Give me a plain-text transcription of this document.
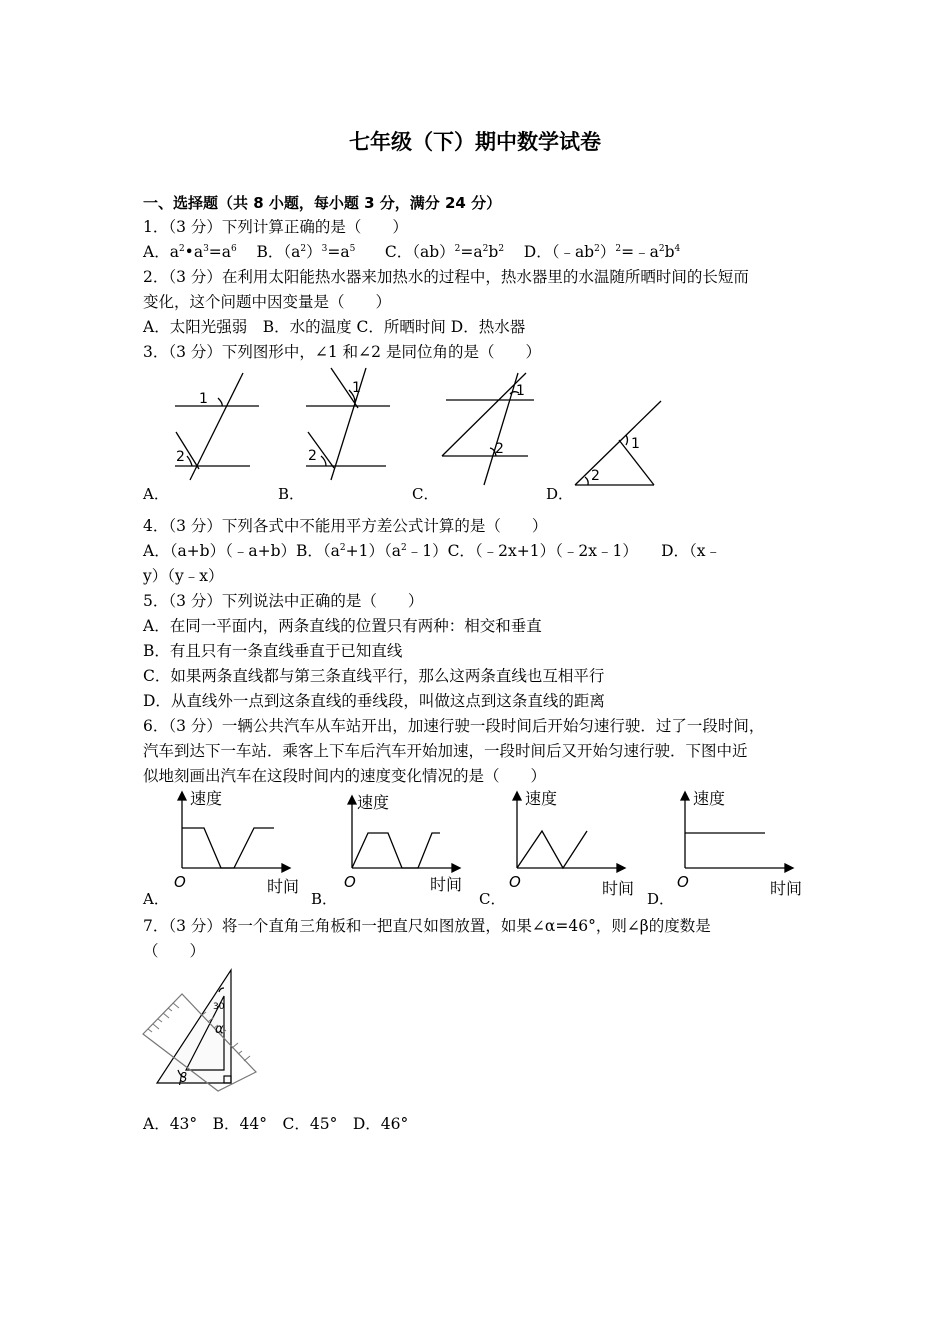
七年级（下）期中数学试卷
一、选择题（共 8 小题，每小题 3 分，满分 24 分）
1．（3 分）下列计算正确的是（　　）
A．$a^2•a^3=a^6$ B．$(a^2)^3=a^5$ C．$(ab)^2=a^2b^2$ D．$(﹣ab^2)^2=﹣a^2b^4$
2．（3 分）在利用太阳能热水器来加热水的过程中，热水器里的水温随所晒时间的长短而
变化，这个问题中因变量是（　　）
A．太阳光强弱　B．水的温度 C．所晒时间 D．热水器
3．（3 分）下列图形中，∠1 和∠2 是同位角的是（　　）
1
2
1
2
1
2	1
2
A．	B．	C．	D．
4．（3 分）下列各式中不能用平方差公式计算的是（　　）
A．（a+b）（﹣a+b）B．$(a^2+1)(a^2﹣1)C$．（﹣2x+1）（﹣2x﹣1）　　D．（x﹣
y）（y﹣x）
5．（3 分）下列说法中正确的是（　　）
A．在同一平面内，两条直线的位置只有两种：相交和垂直
B．有且只有一条直线垂直于已知直线
C．如果两条直线都与第三条直线平行，那么这两条直线也互相平行
D．从直线外一点到这条直线的垂线段，叫做这点到这条直线的距离
6．（3 分）一辆公共汽车从车站开出，加速行驶一段时间后开始匀速行驶．过了一段时间，
汽车到达下一车站．乘客上下车后汽车开始加速，一段时间后又开始匀速行驶．下图中近
似地刻画出汽车在这段时间内的速度变化情况的是（　　）
速度
O	时间
速度
O	时间
A．	B．
速度
O	时间
C．
速度
O	时间
D．
7．（3 分）将一个直角三角板和一把直尺如图放置，如果∠α=46°，则∠β的度数是
（　　）
30
α
β
A．43°　B．44°　C．45°　D．46°
